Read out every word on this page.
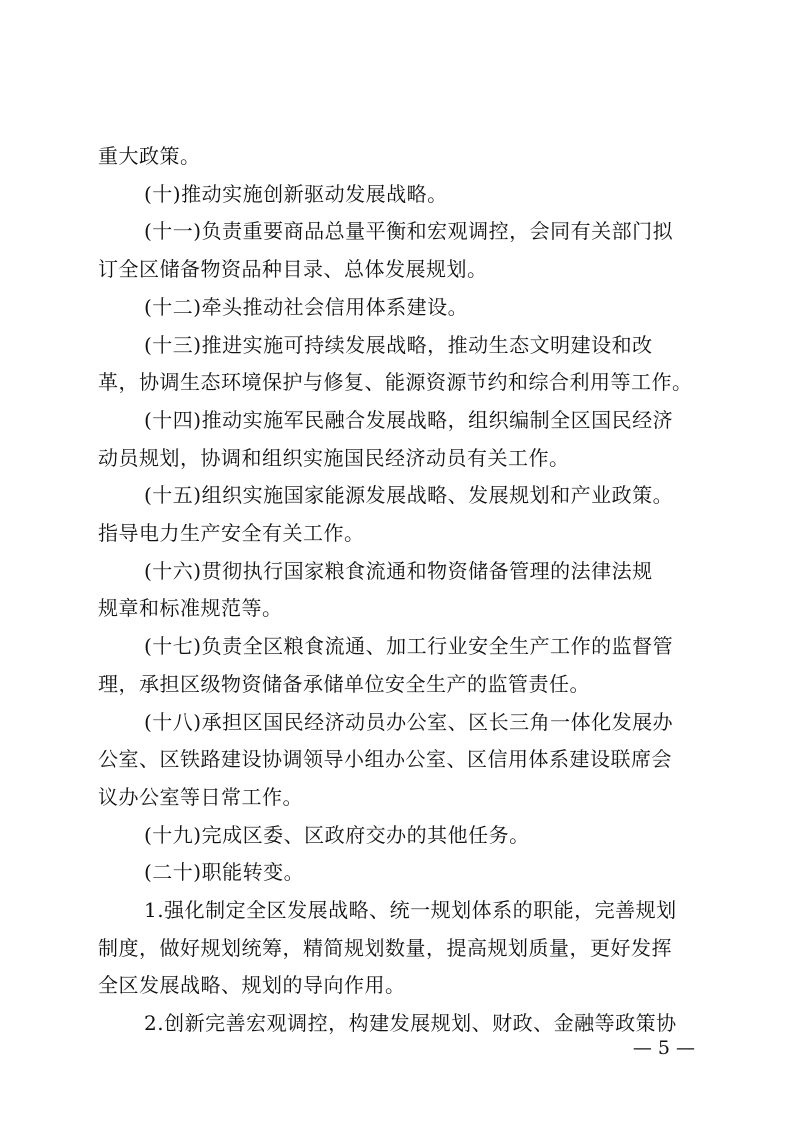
重大政策。
(十)推动实施创新驱动发展战略。
(十一)负责重要商品总量平衡和宏观调控，会同有关部门拟
订全区储备物资品种目录、总体发展规划。
(十二)牵头推动社会信用体系建设。
(十三)推进实施可持续发展战略，推动生态文明建设和改
革，协调生态环境保护与修复、能源资源节约和综合利用等工作。
(十四)推动实施军民融合发展战略，组织编制全区国民经济
动员规划，协调和组织实施国民经济动员有关工作。
(十五)组织实施国家能源发展战略、发展规划和产业政策。
指导电力生产安全有关工作。
(十六)贯彻执行国家粮食流通和物资储备管理的法律法规
规章和标准规范等。
(十七)负责全区粮食流通、加工行业安全生产工作的监督管
理，承担区级物资储备承储单位安全生产的监管责任。
(十八)承担区国民经济动员办公室、区长三角一体化发展办
公室、区铁路建设协调领导小组办公室、区信用体系建设联席会
议办公室等日常工作。
(十九)完成区委、区政府交办的其他任务。
(二十)职能转变。
1.强化制定全区发展战略、统一规划体系的职能，完善规划
制度，做好规划统筹，精简规划数量，提高规划质量，更好发挥
全区发展战略、规划的导向作用。
2.创新完善宏观调控，构建发展规划、财政、金融等政策协
— 5 —
